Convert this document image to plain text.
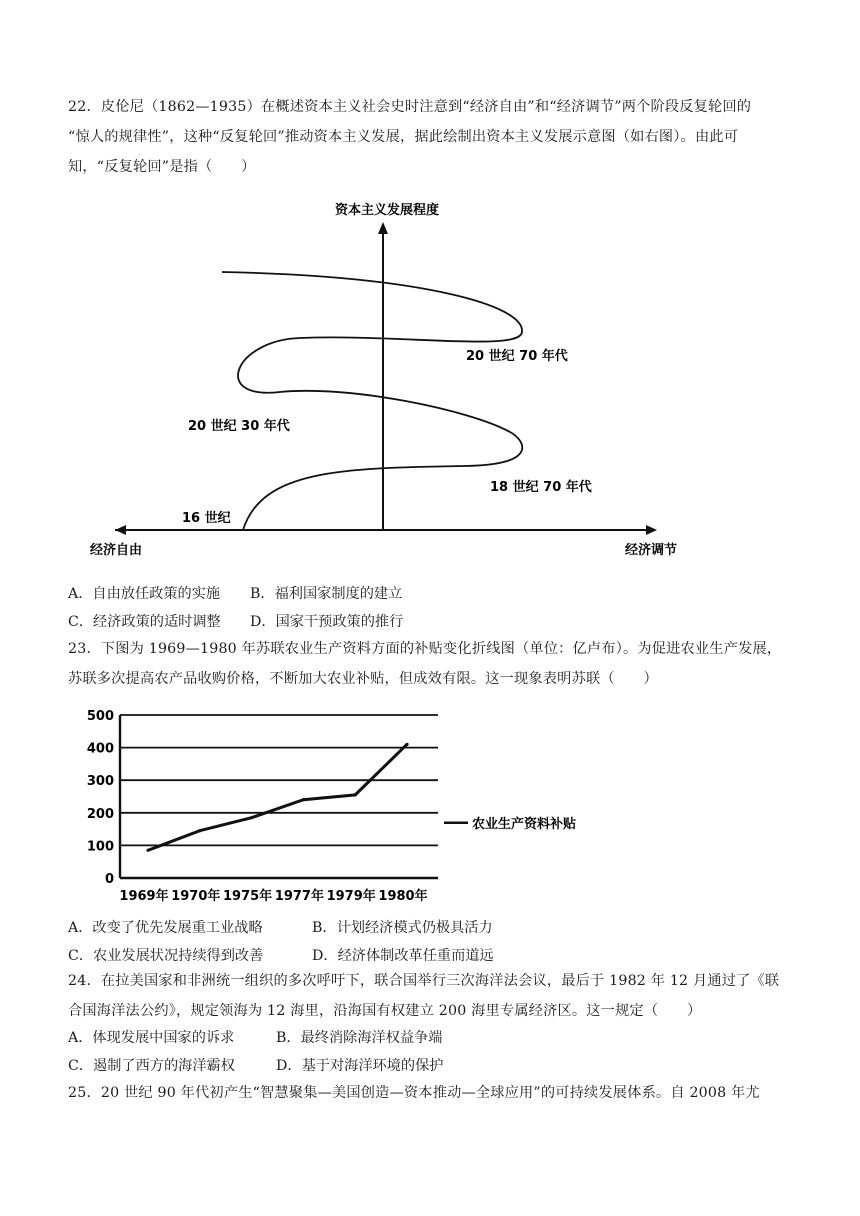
22．皮伦尼（1862—1935）在概述资本主义社会史时注意到“经济自由”和“经济调节”两个阶段反复轮回的
“惊人的规律性”，这种“反复轮回”推动资本主义发展，据此绘制出资本主义发展示意图（如右图）。由此可
知，“反复轮回”是指（　　）
资本主义发展程度
经济自由	经济调节
16 世纪
18 世纪 70 年代
20 世纪 30 年代
20 世纪 70 年代
A．自由放任政策的实施 B．福利国家制度的建立
C．经济政策的适时调整 D．国家干预政策的推行
23．下图为 1969—1980 年苏联农业生产资料方面的补贴变化折线图（单位：亿卢布）。为促进农业生产发展，
苏联多次提高农产品收购价格，不断加大农业补贴，但成效有限。这一现象表明苏联（　　）
500
400
300
200
100
0
1969年 1970年 1975年 1977年 1979年 1980年
农业生产资料补贴
A．改变了优先发展重工业战略	B．计划经济模式仍极具活力
C．农业发展状况持续得到改善	D．经济体制改革任重而道远
24．在拉美国家和非洲统一组织的多次呼吁下，联合国举行三次海洋法会议，最后于 1982 年 12 月通过了《联
合国海洋法公约》，规定领海为 12 海里，沿海国有权建立 200 海里专属经济区。这一规定（　　）
A．体现发展中国家的诉求	B．最终消除海洋权益争端
C．遏制了西方的海洋霸权	D．基于对海洋环境的保护
25．20 世纪 90 年代初产生“智慧聚集—美国创造—资本推动—全球应用”的可持续发展体系。自 2008 年尤
